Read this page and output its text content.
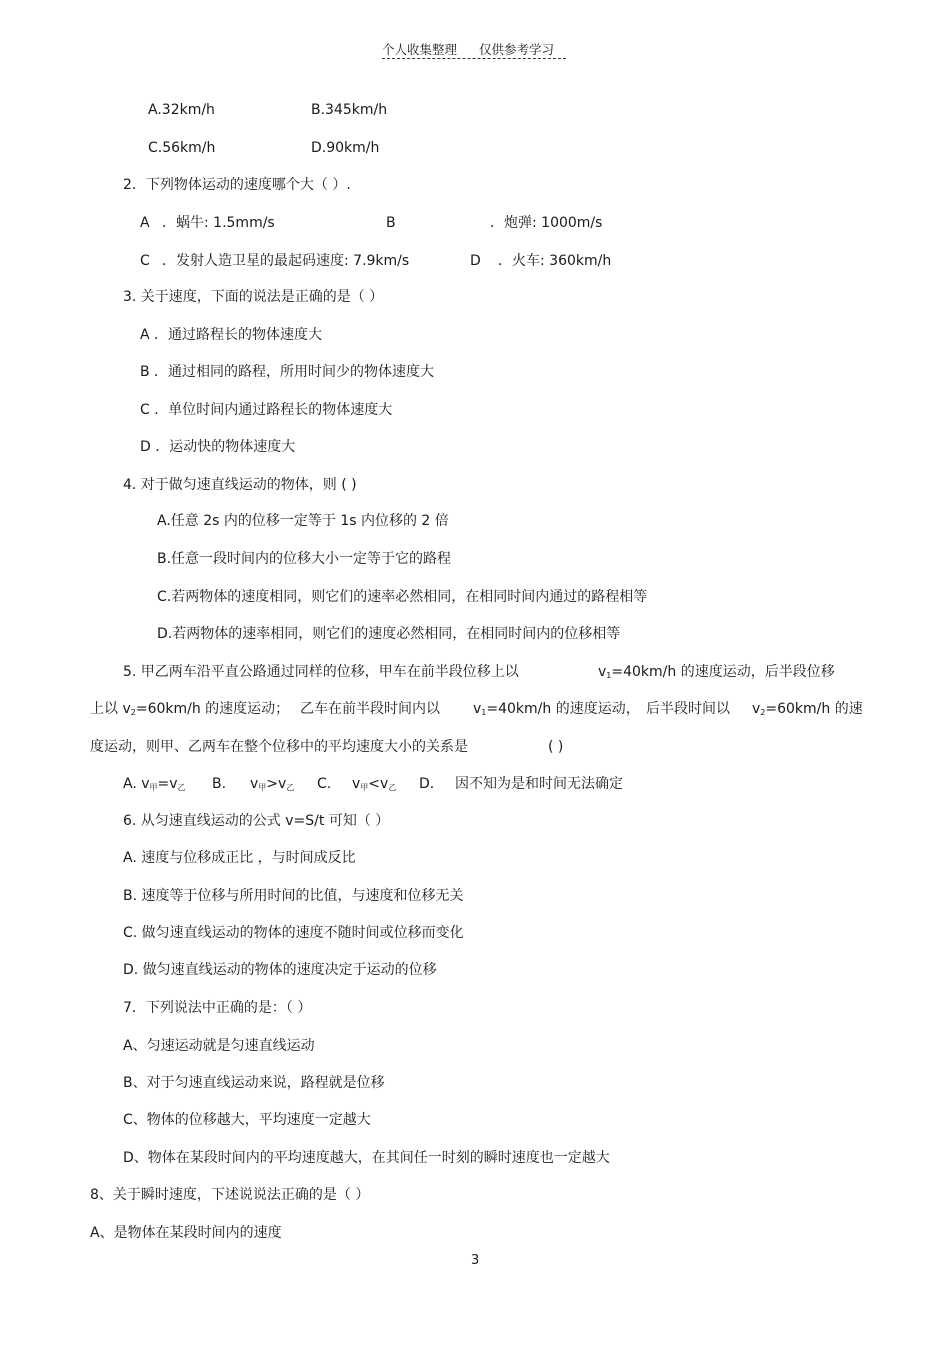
个人收集整理 仅供参考学习
A.32km/h	B.345km/h
C.56km/h	D.90km/h
2．下列物体运动的速度哪个大（ ）.
A ．蜗牛: 1.5mm/s	B	．炮弹: 1000m/s
C ．发射人造卫星的最起码速度: 7.9km/s	D ．火车: 360km/h
3. 关于速度，下面的说法是正确的是（ ）
A ．通过路程长的物体速度大
B ．通过相同的路程，所用时间少的物体速度大
C ．单位时间内通过路程长的物体速度大
D ．运动快的物体速度大
4. 对于做匀速直线运动的物体，则 ( )
A.任意 2s 内的位移一定等于 1s 内位移的 2 倍
B.任意一段时间内的位移大小一定等于它的路程
C.若两物体的速度相同，则它们的速率必然相同，在相同时间内通过的路程相等
D.若两物体的速率相同，则它们的速度必然相同，在相同时间内的位移相等
5. 甲乙两车沿平直公路通过同样的位移，甲车在前半段位移上以	$v_1=40km/h$ 的速度运动，后半段位移
上以 $v_2=60km/h$ 的速度运动； 乙车在前半段时间内以 $v_1=40km/h$ 的速度运动， 后半段时间以 $v_2=60km/h$ 的速
度运动，则甲、乙两车在整个位移中的平均速度大小的关系是	( )
A. $v_甲=v_乙$ B. $v_甲>v_乙$ C. $v_甲<v_乙$ D. 因不知为是和时间无法确定
6. 从匀速直线运动的公式 v=S/t 可知（ ）
A. 速度与位移成正比 ，与时间成反比
B. 速度等于位移与所用时间的比值，与速度和位移无关
C. 做匀速直线运动的物体的速度不随时间或位移而变化
D. 做匀速直线运动的物体的速度决定于运动的位移
7．下列说法中正确的是：（ ）
A、匀速运动就是匀速直线运动
B、对于匀速直线运动来说，路程就是位移
C、物体的位移越大，平均速度一定越大
D、物体在某段时间内的平均速度越大，在其间任一时刻的瞬时速度也一定越大
8、关于瞬时速度，下述说说法正确的是（ ）
A、是物体在某段时间内的速度
3
